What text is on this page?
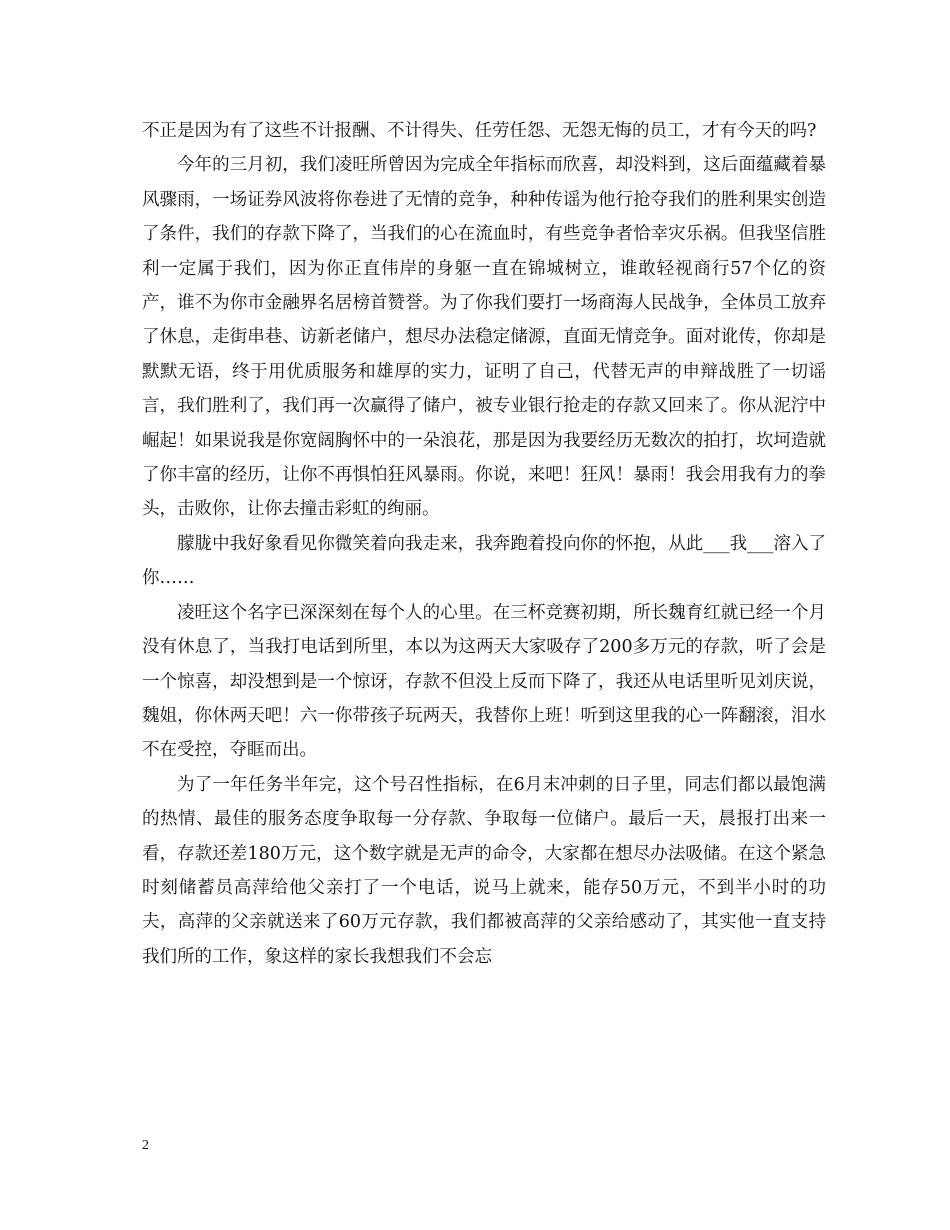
不正是因为有了这些不计报酬、不计得失、任劳任怨、无怨无悔的员工，才有今天的吗?

今年的三月初，我们凌旺所曾因为完成全年指标而欣喜，却没料到，这后面蕴藏着暴风骤雨，一场证券风波将你卷进了无情的竞争，种种传谣为他行抢夺我们的胜利果实创造了条件，我们的存款下降了，当我们的心在流血时，有些竞争者恰幸灾乐祸。但我坚信胜利一定属于我们，因为你正直伟岸的身躯一直在锦城树立，谁敢轻视商行57个亿的资产，谁不为你市金融界名居榜首赞誉。为了你我们要打一场商海人民战争，全体员工放弃了休息，走街串巷、访新老储户，想尽办法稳定储源，直面无情竞争。面对讹传，你却是默默无语，终于用优质服务和雄厚的实力，证明了自己，代替无声的申辩战胜了一切谣言，我们胜利了，我们再一次赢得了储户，被专业银行抢走的存款又回来了。你从泥泞中崛起！如果说我是你宽阔胸怀中的一朵浪花，那是因为我要经历无数次的拍打，坎坷造就了你丰富的经历，让你不再惧怕狂风暴雨。你说，来吧！狂风！暴雨！我会用我有力的拳头，击败你，让你去撞击彩虹的绚丽。

朦胧中我好象看见你微笑着向我走来，我奔跑着投向你的怀抱，从此___我___溶入了你……

凌旺这个名字已深深刻在每个人的心里。在三杯竞赛初期，所长魏育红就已经一个月没有休息了，当我打电话到所里，本以为这两天大家吸存了200多万元的存款，听了会是一个惊喜，却没想到是一个惊讶，存款不但没上反而下降了，我还从电话里听见刘庆说，魏姐，你休两天吧！六一你带孩子玩两天，我替你上班！听到这里我的心一阵翻滚，泪水不在受控，夺眶而出。

为了一年任务半年完，这个号召性指标，在6月末冲刺的日子里，同志们都以最饱满的热情、最佳的服务态度争取每一分存款、争取每一位储户。最后一天，晨报打出来一看，存款还差180万元，这个数字就是无声的命令，大家都在想尽办法吸储。在这个紧急时刻储蓄员高萍给他父亲打了一个电话，说马上就来，能存50万元，不到半小时的功夫，高萍的父亲就送来了60万元存款，我们都被高萍的父亲给感动了，其实他一直支持我们所的工作，象这样的家长我想我们不会忘

2
